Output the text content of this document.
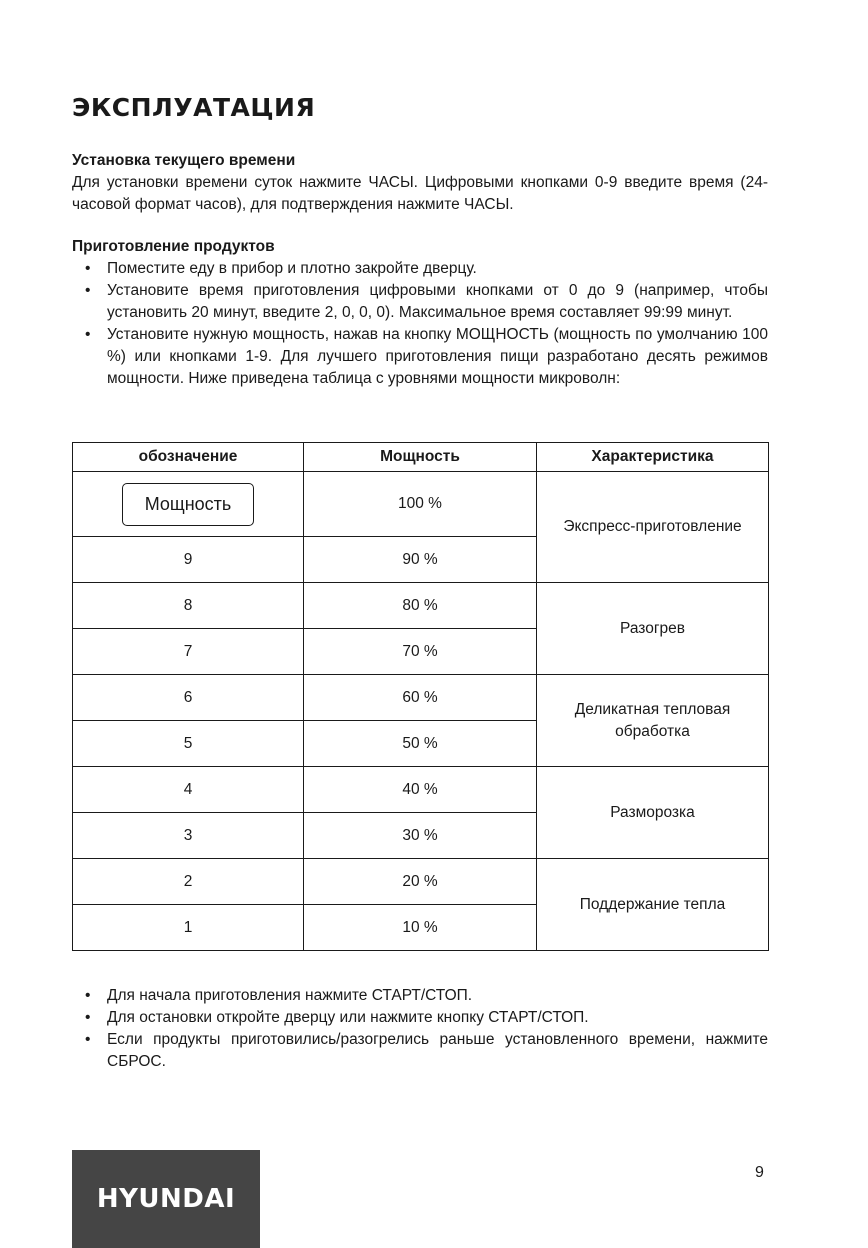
ЭКСПЛУАТАЦИЯ
Установка текущего времени
Для установки времени суток нажмите ЧАСЫ. Цифровыми кнопками 0-9 введите время (24-часовой формат часов), для подтверждения нажмите ЧАСЫ.
Приготовление продуктов
• Поместите еду в прибор и плотно закройте дверцу.
• Установите время приготовления цифровыми кнопками от 0 до 9 (например, чтобы установить 20 минут, введите 2, 0, 0, 0). Максимальное время составляет 99:99 минут.
• Установите нужную мощность, нажав на кнопку МОЩНОСТЬ (мощность по умолчанию 100 %) или кнопками 1-9. Для лучшего приготовления пищи разработано десять режимов мощности. Ниже приведена таблица с уровнями мощности микроволн:
обозначение	Мощность	Характеристика
Мощность	100 %	Экспресс-приготовление
9	90 %	
8	80 %	Разогрев
7	70 %	
6	60 %	Деликатная тепловая обработка
5	50 %	
4	40 %	Разморозка
3	30 %	
2	20 %	Поддержание тепла
1	10 %	
• Для начала приготовления нажмите СТАРТ/СТОП.
• Для остановки откройте дверцу или нажмите кнопку СТАРТ/СТОП.
• Если продукты приготовились/разогрелись раньше установленного времени, нажмите СБРОС.
9
HYUNDAI
